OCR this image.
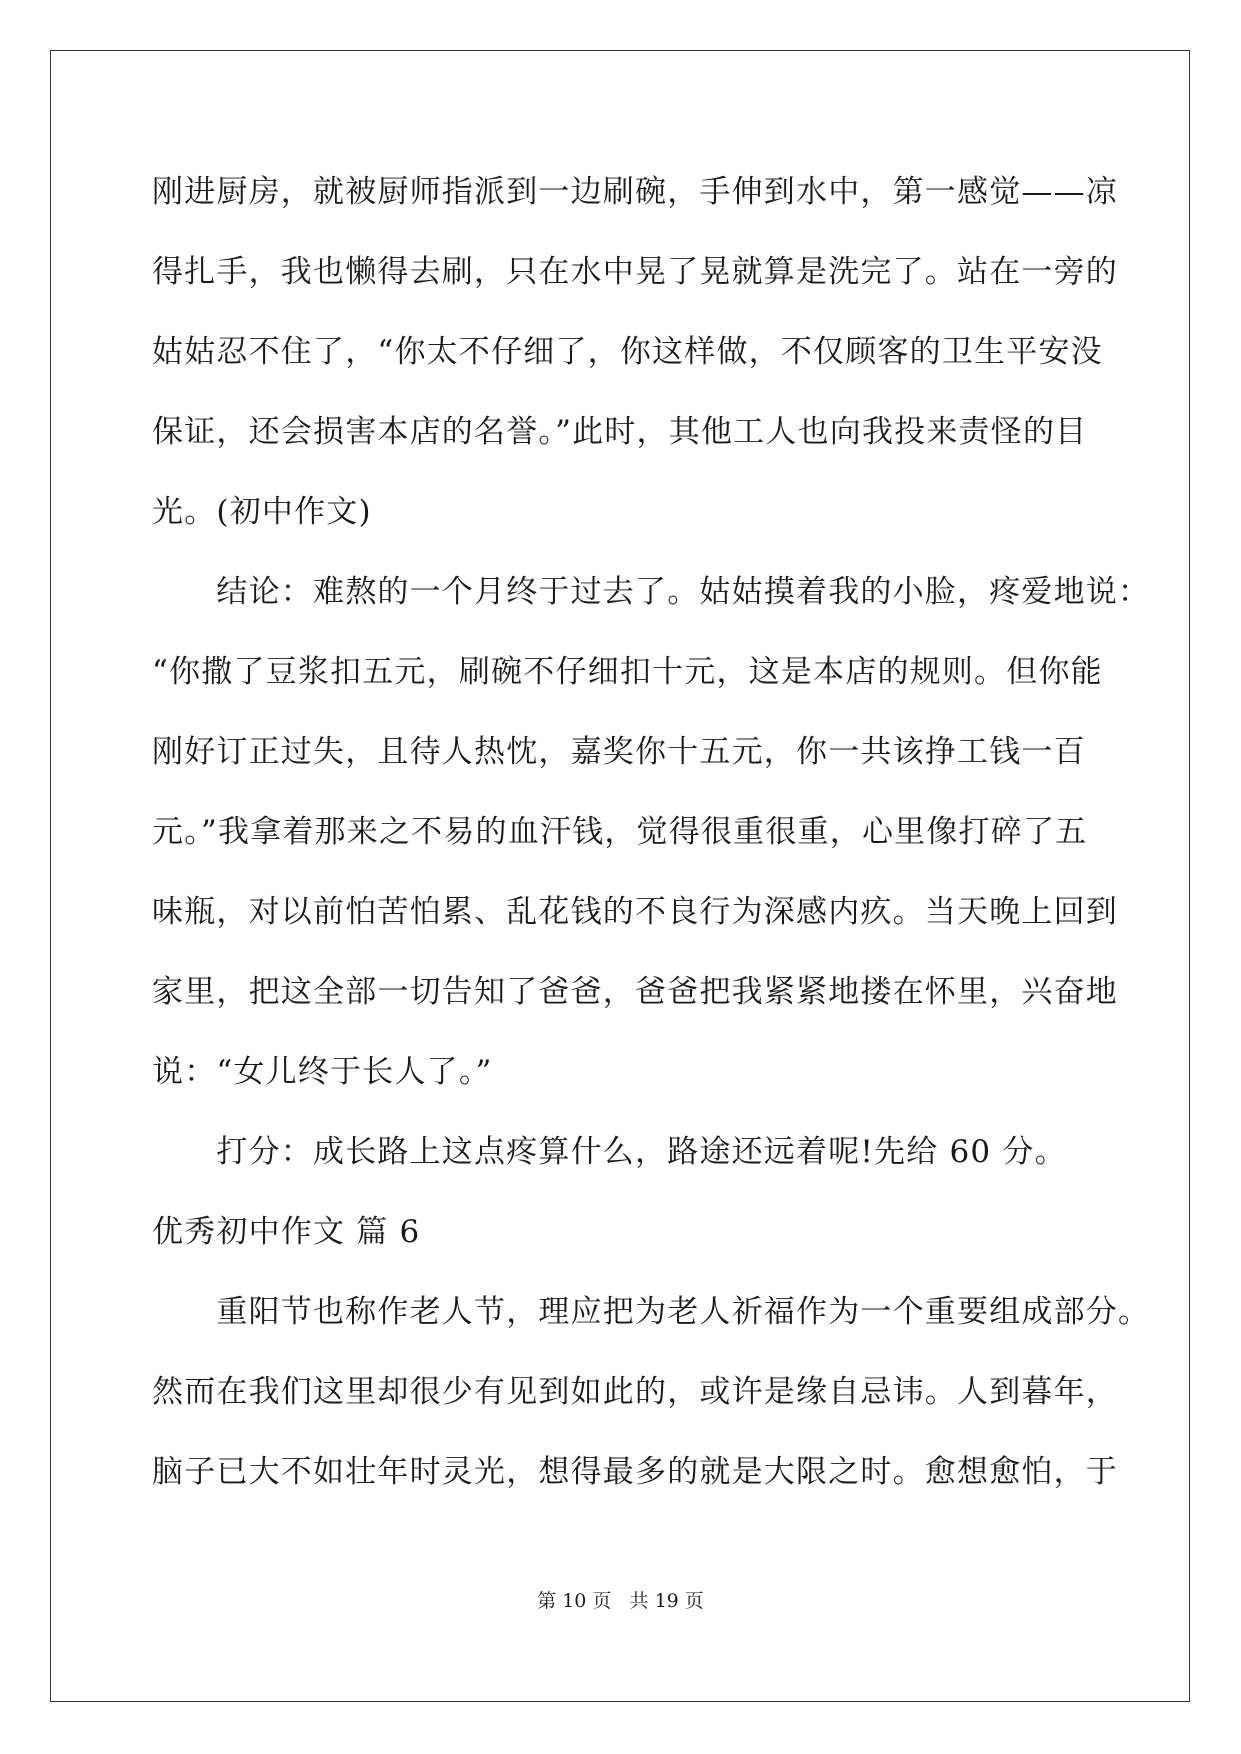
刚进厨房，就被厨师指派到一边刷碗，手伸到水中，第一感觉——凉
得扎手，我也懒得去刷，只在水中晃了晃就算是洗完了。站在一旁的
姑姑忍不住了，“你太不仔细了，你这样做，不仅顾客的卫生平安没
保证，还会损害本店的名誉。”此时，其他工人也向我投来责怪的目
光。(初中作文)
　　结论：难熬的一个月终于过去了。姑姑摸着我的小脸，疼爱地说：
“你撒了豆浆扣五元，刷碗不仔细扣十元，这是本店的规则。但你能
刚好订正过失，且待人热忱，嘉奖你十五元，你一共该挣工钱一百
元。”我拿着那来之不易的血汗钱，觉得很重很重，心里像打碎了五
味瓶，对以前怕苦怕累、乱花钱的不良行为深感内疚。当天晚上回到
家里，把这全部一切告知了爸爸，爸爸把我紧紧地搂在怀里，兴奋地
说：“女儿终于长人了。”
　　打分：成长路上这点疼算什么，路途还远着呢!先给 60 分。
优秀初中作文 篇 6
　　重阳节也称作老人节，理应把为老人祈福作为一个重要组成部分。
然而在我们这里却很少有见到如此的，或许是缘自忌讳。人到暮年，
脑子已大不如壮年时灵光，想得最多的就是大限之时。愈想愈怕，于
第 10 页   共 19 页
